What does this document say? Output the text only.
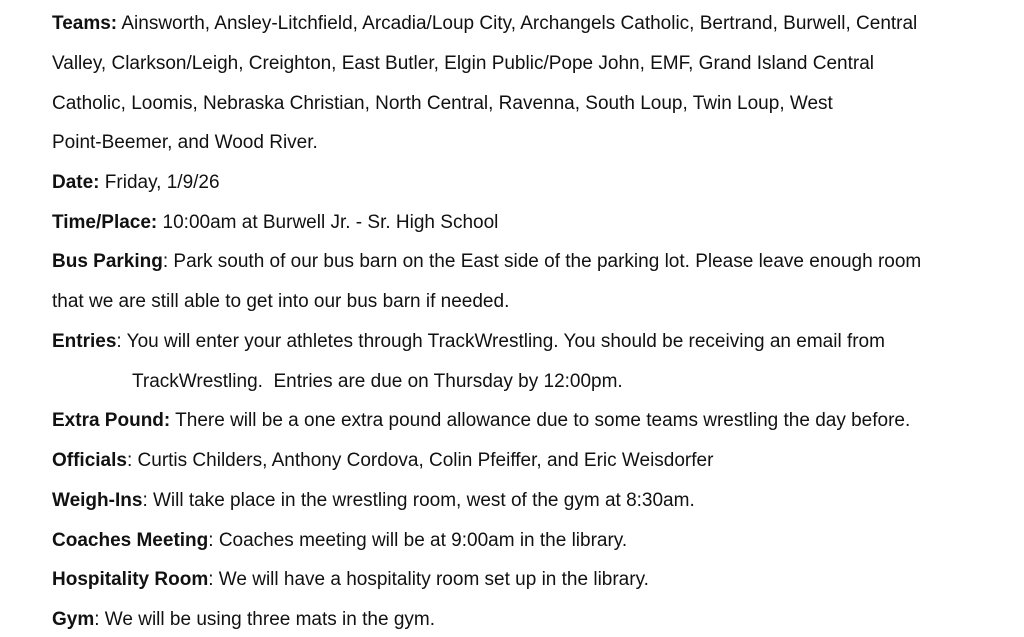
Teams: Ainsworth, Ansley-Litchfield, Arcadia/Loup City, Archangels Catholic, Bertrand, Burwell, Central
Valley, Clarkson/Leigh, Creighton, East Butler, Elgin Public/Pope John, EMF, Grand Island Central
Catholic, Loomis, Nebraska Christian, North Central, Ravenna, South Loup, Twin Loup, West
Point-Beemer, and Wood River.
Date: Friday, 1/9/26
Time/Place: 10:00am at Burwell Jr. - Sr. High School
Bus Parking: Park south of our bus barn on the East side of the parking lot. Please leave enough room
that we are still able to get into our bus barn if needed.
Entries: You will enter your athletes through TrackWrestling. You should be receiving an email from
TrackWrestling.  Entries are due on Thursday by 12:00pm.
Extra Pound: There will be a one extra pound allowance due to some teams wrestling the day before.
Officials: Curtis Childers, Anthony Cordova, Colin Pfeiffer, and Eric Weisdorfer
Weigh-Ins: Will take place in the wrestling room, west of the gym at 8:30am.
Coaches Meeting: Coaches meeting will be at 9:00am in the library.
Hospitality Room: We will have a hospitality room set up in the library.
Gym: We will be using three mats in the gym.
